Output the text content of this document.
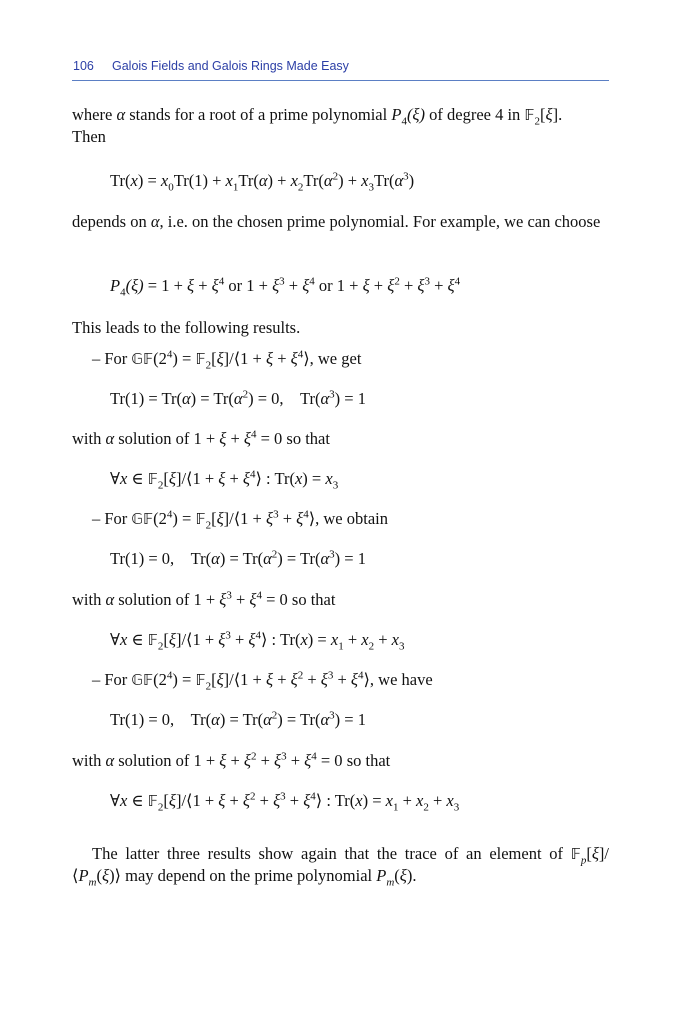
106 Galois Fields and Galois Rings Made Easy
where α stands for a root of a prime polynomial $P_4(\xi)$ of degree 4 in 𝔽$_2$[ξ].
Then
$Tr(x) = x_0Tr(1) + x_1Tr(\alpha) + x_2Tr(\alpha^2) + x_3Tr(\alpha^3)$
depends on α, i.e. on the chosen prime polynomial. For example, we can choose
$P_4(\xi) = 1 + \xi + \xi^4$ or $1 + \xi^3 + \xi^4$ or $1 + \xi + \xi^2 + \xi^3 + \xi^4$
This leads to the following results.
– For $𝔾𝔽(2^4)$ = 𝔽$_2$[ξ]/⟨1 + $\xi + \xi^4⟩$, we get
$Tr(1) = Tr(\alpha) = Tr(\alpha^2) = 0$,    $Tr(\alpha^3) = 1$
with α solution of $1 + \xi + \xi^4 = 0$ so that
∀x ∈ 𝔽$_2$[ξ]/⟨1 + $\xi + \xi^4⟩$ : $Tr(x) = x_3$
– For $𝔾𝔽(2^4)$ = 𝔽$_2$[ξ]/⟨1 + $\xi^3$ + $\xi^4⟩$, we obtain
Tr(1) = 0,    $Tr(\alpha) = Tr(\alpha^2) = Tr(\alpha^3) = 1$
with α solution of $1 + \xi^3 + \xi^4 = 0$ so that
∀x ∈ 𝔽$_2$[ξ]/⟨1 + $\xi^3$ + $\xi^4⟩$ : $Tr(x) = x_1 + x_2 + x_3$
– For $𝔾𝔽(2^4)$ = 𝔽$_2$[ξ]/⟨1 + $\xi + \xi^2 + \xi^3$ + $\xi^4⟩$, we have
Tr(1) = 0,    $Tr(\alpha) = Tr(\alpha^2) = Tr(\alpha^3) = 1$
with α solution of $1 + \xi + \xi^2 + \xi^3 + \xi^4 = 0$ so that
∀x ∈ 𝔽$_2$[ξ]/⟨1 + $\xi + \xi^2 + \xi^3$ + $\xi^4⟩$ : $Tr(x) = x_1 + x_2 + x_3$
The latter three results show again that the trace of an element of $𝔽_p[\xi]/⟨P_m(\xi)⟩$ may depend on the prime polynomial $P_m(\xi)$.
